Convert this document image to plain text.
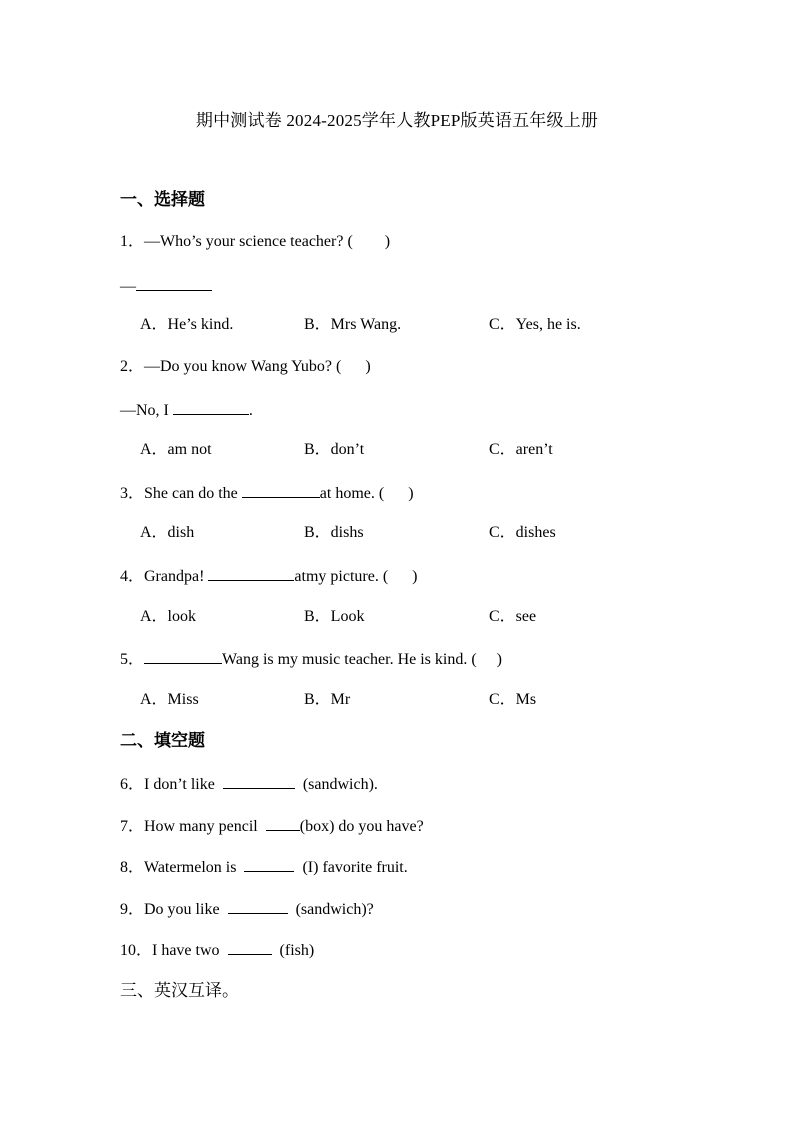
期中测试卷 2024-2025学年人教PEP版英语五年级上册
一、选择题
1．—Who’s your science teacher? (        )
—
A．He’s kind.	B．Mrs Wang.	C．Yes, he is.
2．—Do you know Wang Yubo? (      )
—No, I	.
A．am not	B．don’t	C．aren’t
3．She can do the	at home. (      )
A．dish	B．dishs	C．dishes
4．Grandpa!	atmy picture. (      )
A．look	B．Look	C．see
5．	Wang is my music teacher. He is kind. (     )
A．Miss	B．Mr	C．Ms
二、填空题
6．I don’t like	(sandwich).
7．How many pencil  (box) do you have?
8．Watermelon is	(I) favorite fruit.
9．Do you like	(sandwich)?
10．I have two	(fish)
三、英汉互译。
